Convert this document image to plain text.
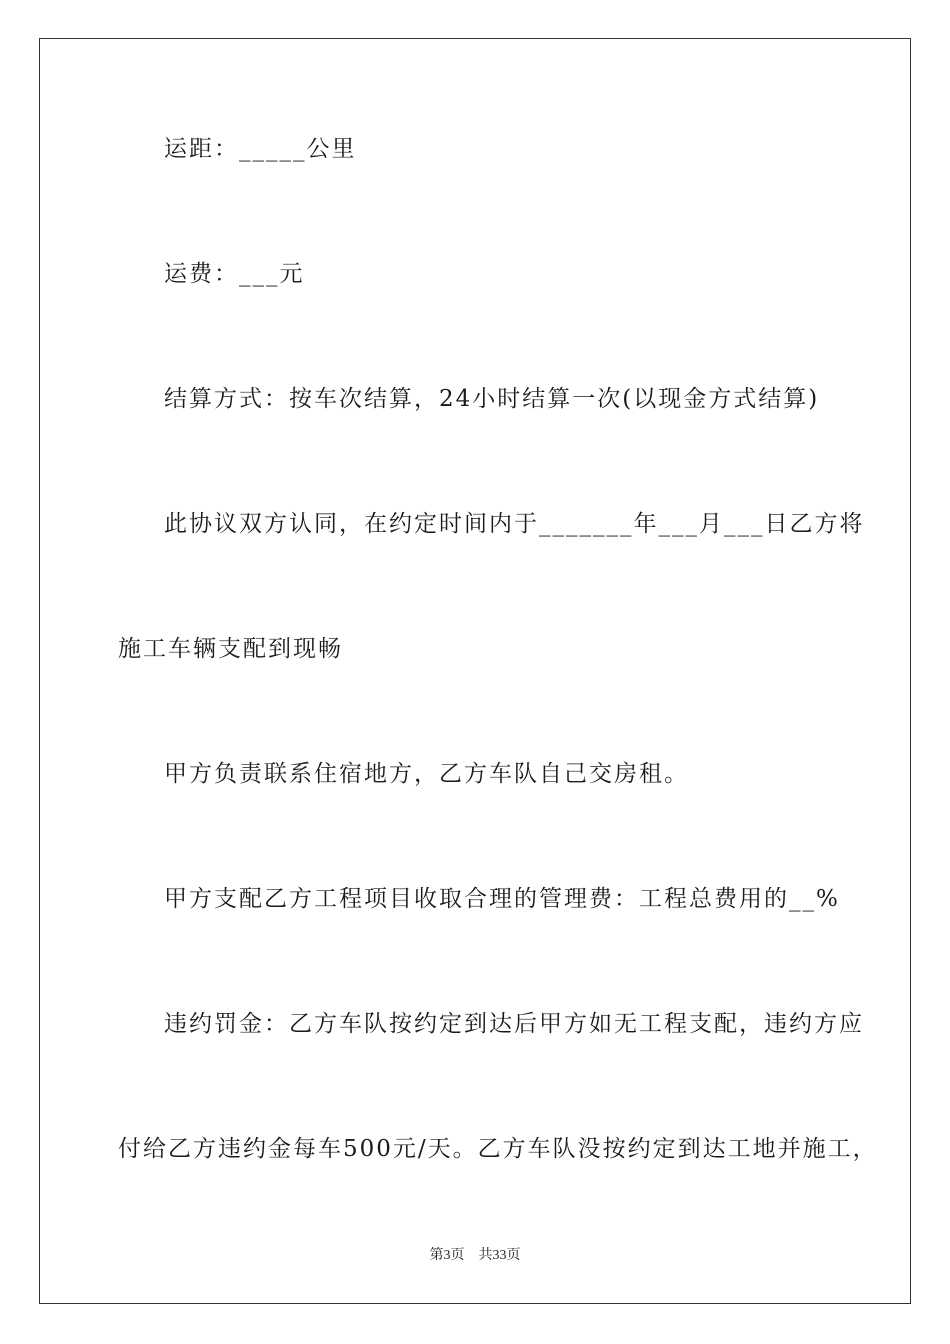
运距：_____公里
运费：___元
结算方式：按车次结算，24小时结算一次(以现金方式结算)
此协议双方认同，在约定时间内于_______年___月___日乙方将
施工车辆支配到现畅
甲方负责联系住宿地方，乙方车队自己交房租。
甲方支配乙方工程项目收取合理的管理费：工程总费用的__%
违约罚金：乙方车队按约定到达后甲方如无工程支配，违约方应
付给乙方违约金每车500元/天。乙方车队没按约定到达工地并施工，
第3页　共33页
